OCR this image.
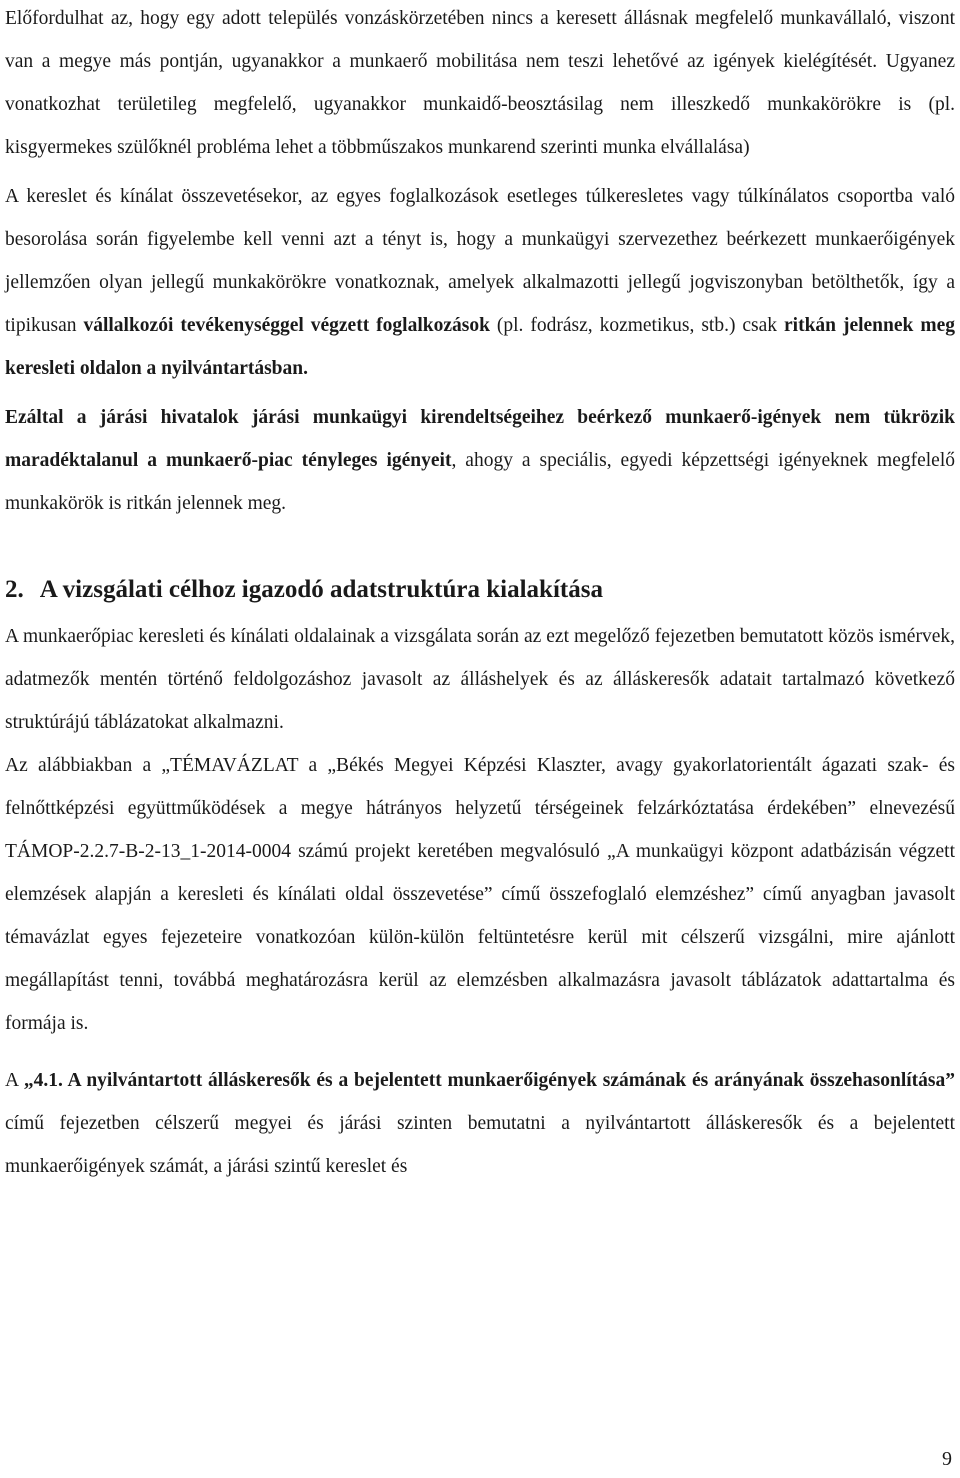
Előfordulhat az, hogy egy adott település vonzáskörzetében nincs a keresett állásnak megfelelő munkavállaló, viszont van a megye más pontján, ugyanakkor a munkaerő mobilitása nem teszi lehetővé az igények kielégítését. Ugyanez vonatkozhat területileg megfelelő, ugyanakkor munkaidő-beosztásilag nem illeszkedő munkakörökre is (pl. kisgyermekes szülőknél probléma lehet a többműszakos munkarend szerinti munka elvállalása)

A kereslet és kínálat összevetésekor, az egyes foglalkozások esetleges túlkeresletes vagy túlkínálatos csoportba való besorolása során figyelembe kell venni azt a tényt is, hogy a munkaügyi szervezethez beérkezett munkaerőigények jellemzően olyan jellegű munkakörökre vonatkoznak, amelyek alkalmazotti jellegű jogviszonyban betölthetők, így a tipikusan vállalkozói tevékenységgel végzett foglalkozások (pl. fodrász, kozmetikus, stb.) csak ritkán jelennek meg keresleti oldalon a nyilvántartásban.

Ezáltal a járási hivatalok járási munkaügyi kirendeltségeihez beérkező munkaerő-igények nem tükrözik maradéktalanul a munkaerő-piac tényleges igényeit, ahogy a speciális, egyedi képzettségi igényeknek megfelelő munkakörök is ritkán jelennek meg.

2. A vizsgálati célhoz igazodó adatstruktúra kialakítása

A munkaerőpiac keresleti és kínálati oldalainak a vizsgálata során az ezt megelőző fejezetben bemutatott közös ismérvek, adatmezők mentén történő feldolgozáshoz javasolt az álláshelyek és az álláskeresők adatait tartalmazó következő struktúrájú táblázatokat alkalmazni.

Az alábbiakban a „TÉMAVÁZLAT a „Békés Megyei Képzési Klaszter, avagy gyakorlatorientált ágazati szak- és felnőttképzési együttműködések a megye hátrányos helyzetű térségeinek felzárkóztatása érdekében” elnevezésű TÁMOP-2.2.7-B-2-13_1-2014-0004 számú projekt keretében megvalósuló „A munkaügyi központ adatbázisán végzett elemzések alapján a keresleti és kínálati oldal összevetése” című összefoglaló elemzéshez” című anyagban javasolt témavázlat egyes fejezeteire vonatkozóan külön-külön feltüntetésre kerül mit célszerű vizsgálni, mire ajánlott megállapítást tenni, továbbá meghatározásra kerül az elemzésben alkalmazásra javasolt táblázatok adattartalma és formája is.

A „4.1. A nyilvántartott álláskeresők és a bejelentett munkaerőigények számának és arányának összehasonlítása” című fejezetben célszerű megyei és járási szinten bemutatni a nyilvántartott álláskeresők és a bejelentett munkaerőigények számát, a járási szintű kereslet és

9
